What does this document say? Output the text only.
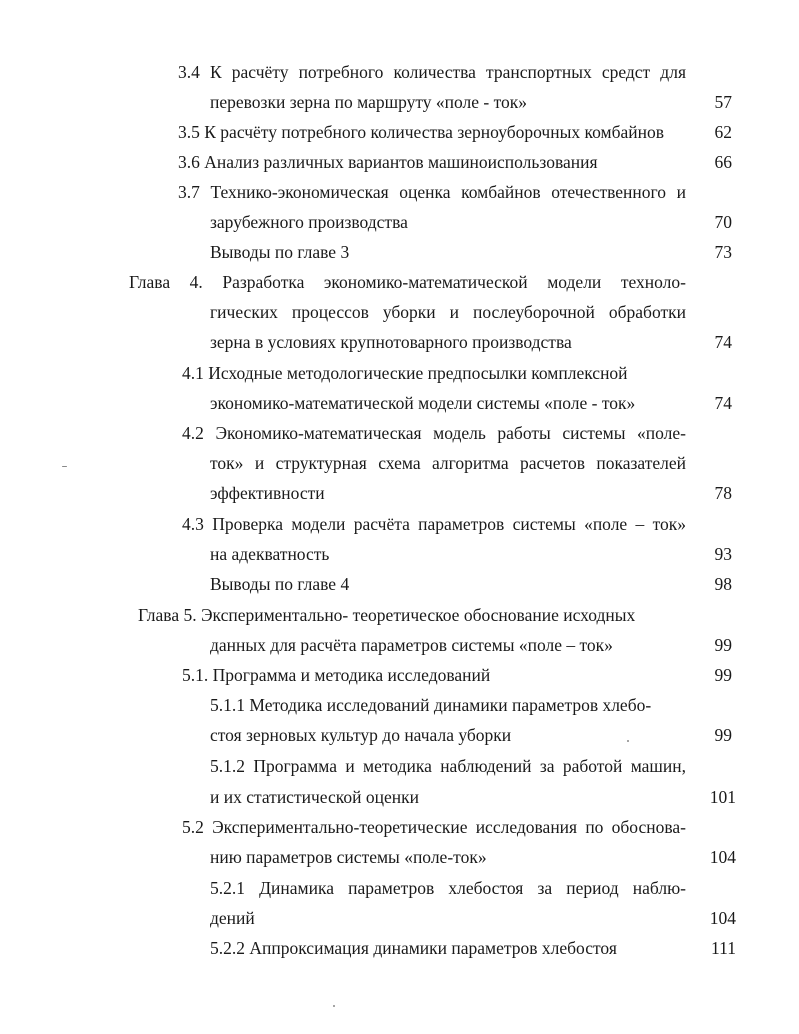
3.4 К расчёту потребного количества транспортных средст для
перевозки зерна по маршруту «поле - ток»	57
3.5 К расчёту потребного количества зерноуборочных комбайнов	62
3.6 Анализ различных вариантов машиноиспользования	66
3.7 Технико-экономическая оценка комбайнов отечественного и
зарубежного производства	70
Выводы по главе 3	73
Глава 4. Разработка экономико-математической модели техноло-
гических процессов уборки и послеуборочной обработки
зерна в условиях крупнотоварного производства	74
4.1 Исходные методологические предпосылки комплексной
экономико-математической модели системы «поле - ток»	74
4.2 Экономико-математическая модель работы системы «поле-
ток» и структурная схема алгоритма расчетов показателей
эффективности	78
4.3 Проверка модели расчёта параметров системы «поле – ток»
на адекватность	93
Выводы по главе 4	98
Глава 5. Экспериментально- теоретическое обоснование исходных
данных для расчёта параметров системы «поле – ток»	99
5.1. Программа и методика исследований	99
5.1.1 Методика исследований динамики параметров хлебо-
стоя зерновых культур до начала уборки	99
5.1.2 Программа и методика наблюдений за работой машин,
и их статистической оценки	101
5.2 Экспериментально-теоретические исследования по обоснова-
нию параметров системы «поле-ток»	104
5.2.1 Динамика параметров хлебостоя за период наблю-
дений	104
5.2.2 Аппроксимация динамики параметров хлебостоя	111
